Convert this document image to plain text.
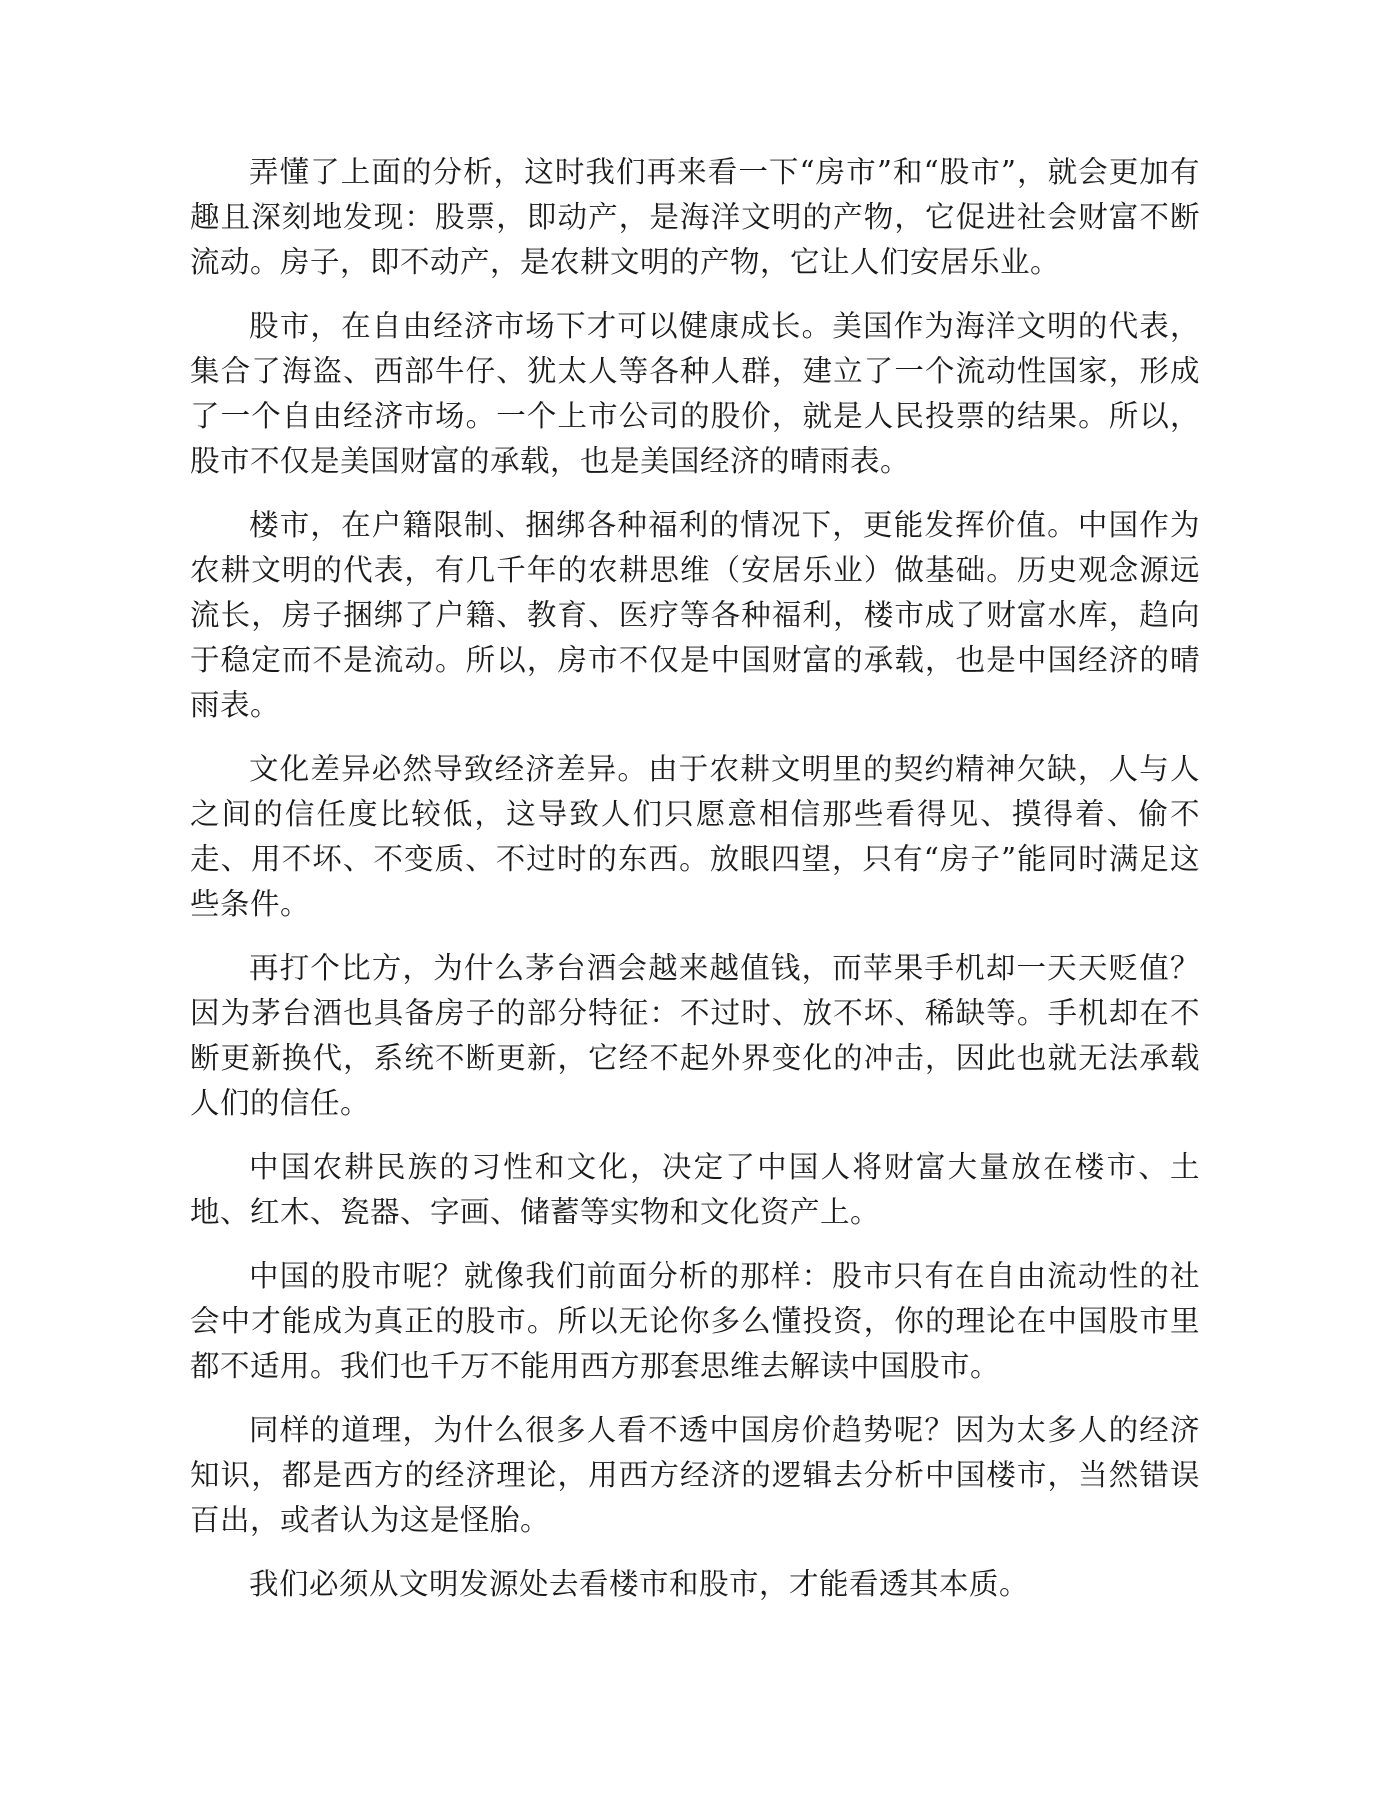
弄懂了上面的分析，这时我们再来看一下“房市”和“股市”，就会更加有趣且深刻地发现：股票，即动产，是海洋文明的产物，它促进社会财富不断流动。房子，即不动产，是农耕文明的产物，它让人们安居乐业。

股市，在自由经济市场下才可以健康成长。美国作为海洋文明的代表，集合了海盗、西部牛仔、犹太人等各种人群，建立了一个流动性国家，形成了一个自由经济市场。一个上市公司的股价，就是人民投票的结果。所以，股市不仅是美国财富的承载，也是美国经济的晴雨表。

楼市，在户籍限制、捆绑各种福利的情况下，更能发挥价值。中国作为农耕文明的代表，有几千年的农耕思维（安居乐业）做基础。历史观念源远流长，房子捆绑了户籍、教育、医疗等各种福利，楼市成了财富水库，趋向于稳定而不是流动。所以，房市不仅是中国财富的承载，也是中国经济的晴雨表。

文化差异必然导致经济差异。由于农耕文明里的契约精神欠缺，人与人之间的信任度比较低，这导致人们只愿意相信那些看得见、摸得着、偷不走、用不坏、不变质、不过时的东西。放眼四望，只有“房子”能同时满足这些条件。

再打个比方，为什么茅台酒会越来越值钱，而苹果手机却一天天贬值？因为茅台酒也具备房子的部分特征：不过时、放不坏、稀缺等。手机却在不断更新换代，系统不断更新，它经不起外界变化的冲击，因此也就无法承载人们的信任。

中国农耕民族的习性和文化，决定了中国人将财富大量放在楼市、土地、红木、瓷器、字画、储蓄等实物和文化资产上。

中国的股市呢？就像我们前面分析的那样：股市只有在自由流动性的社会中才能成为真正的股市。所以无论你多么懂投资，你的理论在中国股市里都不适用。我们也千万不能用西方那套思维去解读中国股市。

同样的道理，为什么很多人看不透中国房价趋势呢？因为太多人的经济知识，都是西方的经济理论，用西方经济的逻辑去分析中国楼市，当然错误百出，或者认为这是怪胎。

我们必须从文明发源处去看楼市和股市，才能看透其本质。
